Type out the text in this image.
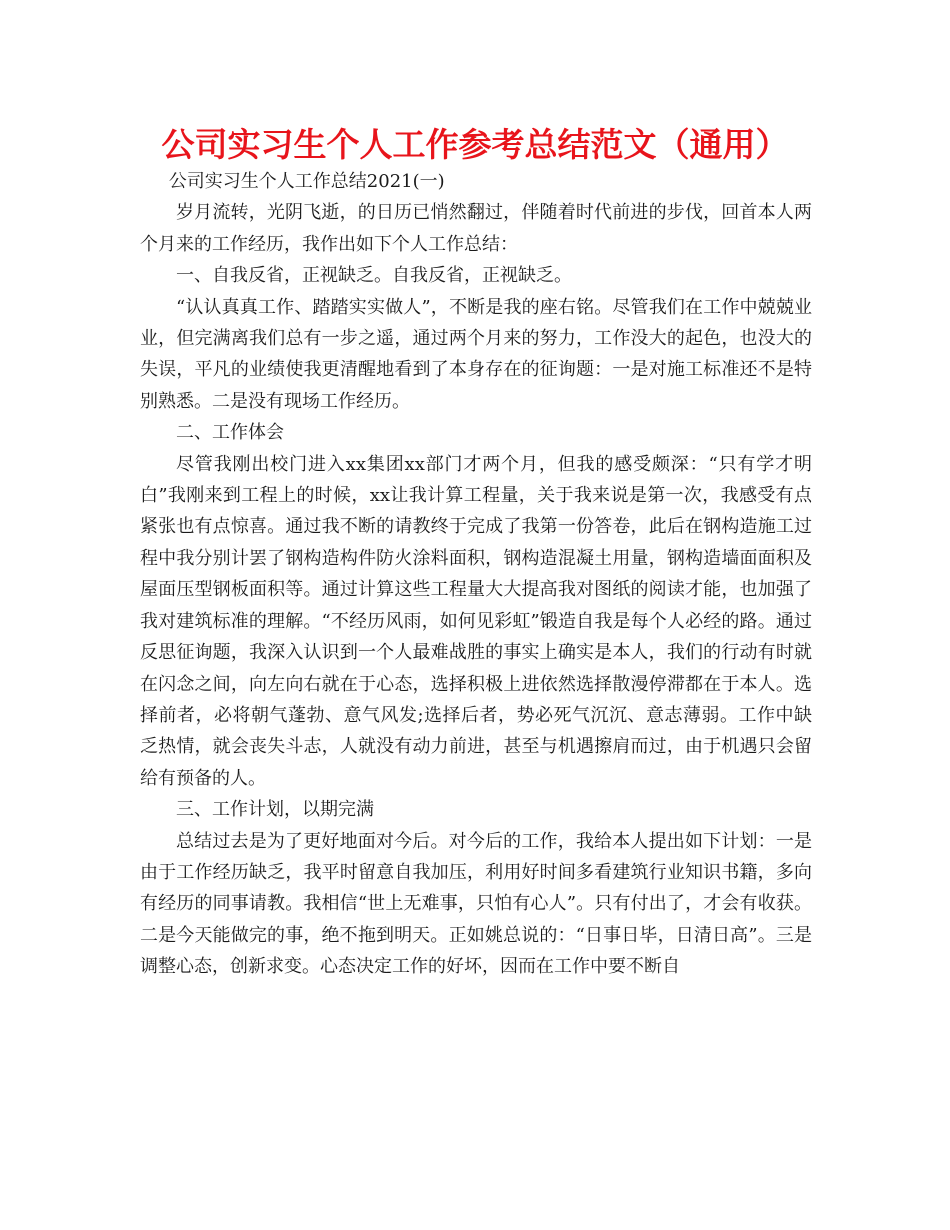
公司实习生个人工作参考总结范文（通用）

公司实习生个人工作总结2021(一)

岁月流转，光阴飞逝，的日历已悄然翻过，伴随着时代前进的步伐，回首本人两个月来的工作经历，我作出如下个人工作总结：

一、自我反省，正视缺乏。自我反省，正视缺乏。

“认认真真工作、踏踏实实做人”，不断是我的座右铭。尽管我们在工作中兢兢业业，但完满离我们总有一步之遥，通过两个月来的努力，工作没大的起色，也没大的失误，平凡的业绩使我更清醒地看到了本身存在的征询题：一是对施工标准还不是特别熟悉。二是没有现场工作经历。

二、工作体会

尽管我刚出校门进入xx集团xx部门才两个月，但我的感受颇深：“只有学才明白”我刚来到工程上的时候，xx让我计算工程量，关于我来说是第一次，我感受有点紧张也有点惊喜。通过我不断的请教终于完成了我第一份答卷，此后在钢构造施工过程中我分别计罢了钢构造构件防火涂料面积，钢构造混凝土用量，钢构造墙面面积及屋面压型钢板面积等。通过计算这些工程量大大提高我对图纸的阅读才能，也加强了我对建筑标准的理解。“不经历风雨，如何见彩虹”锻造自我是每个人必经的路。通过反思征询题，我深入认识到一个人最难战胜的事实上确实是本人，我们的行动有时就在闪念之间，向左向右就在于心态，选择积极上进依然选择散漫停滞都在于本人。选择前者，必将朝气蓬勃、意气风发;选择后者，势必死气沉沉、意志薄弱。工作中缺乏热情，就会丧失斗志，人就没有动力前进，甚至与机遇擦肩而过，由于机遇只会留给有预备的人。

三、工作计划，以期完满

总结过去是为了更好地面对今后。对今后的工作，我给本人提出如下计划：一是由于工作经历缺乏，我平时留意自我加压，利用好时间多看建筑行业知识书籍，多向有经历的同事请教。我相信“世上无难事，只怕有心人”。只有付出了，才会有收获。二是今天能做完的事，绝不拖到明天。正如姚总说的：“日事日毕，日清日高”。三是调整心态，创新求变。心态决定工作的好坏，因而在工作中要不断自
